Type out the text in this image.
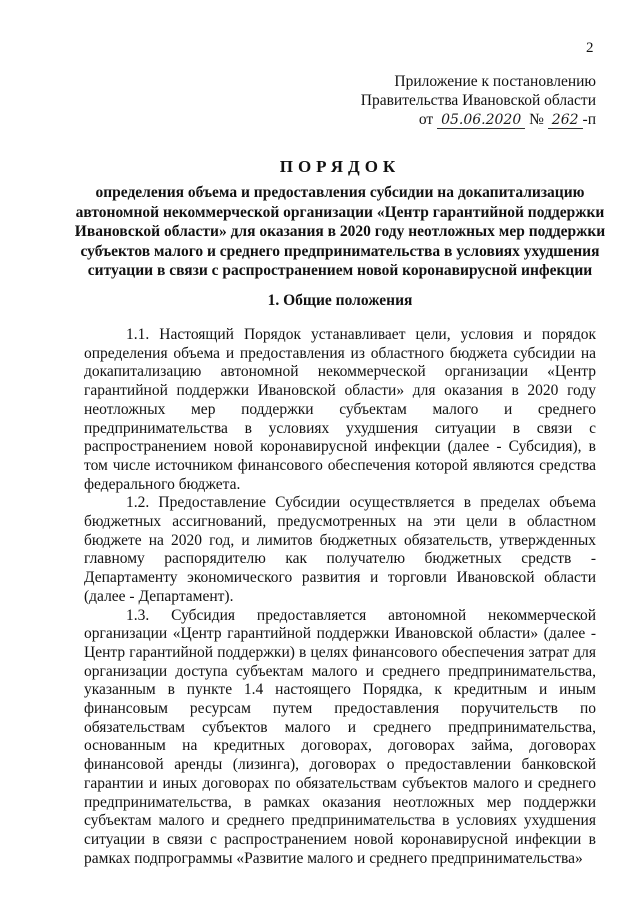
2
Приложение к постановлению
Правительства Ивановской области
от 05.06.2020 № 262 -п
ПОРЯДОК

определения объема и предоставления субсидии на докапитализацию автономной некоммерческой организации «Центр гарантийной поддержки Ивановской области» для оказания в 2020 году неотложных мер поддержки субъектов малого и среднего предпринимательства в условиях ухудшения ситуации в связи с распространением новой коронавирусной инфекции

1. Общие положения

1.1. Настоящий Порядок устанавливает цели, условия и порядок определения объема и предоставления из областного бюджета субсидии на докапитализацию автономной некоммерческой организации «Центр гарантийной поддержки Ивановской области» для оказания в 2020 году неотложных мер поддержки субъектам малого и среднего предпринимательства в условиях ухудшения ситуации в связи с распространением новой коронавирусной инфекции (далее - Субсидия), в том числе источником финансового обеспечения которой являются средства федерального бюджета.

1.2. Предоставление Субсидии осуществляется в пределах объема бюджетных ассигнований, предусмотренных на эти цели в областном бюджете на 2020 год, и лимитов бюджетных обязательств, утвержденных главному распорядителю как получателю бюджетных средств - Департаменту экономического развития и торговли Ивановской области (далее - Департамент).

1.3. Субсидия предоставляется автономной некоммерческой организации «Центр гарантийной поддержки Ивановской области» (далее - Центр гарантийной поддержки) в целях финансового обеспечения затрат для организации доступа субъектам малого и среднего предпринимательства, указанным в пункте 1.4 настоящего Порядка, к кредитным и иным финансовым ресурсам путем предоставления поручительств по обязательствам субъектов малого и среднего предпринимательства, основанным на кредитных договорах, договорах займа, договорах финансовой аренды (лизинга), договорах о предоставлении банковской гарантии и иных договорах по обязательствам субъектов малого и среднего предпринимательства, в рамках оказания неотложных мер поддержки субъектам малого и среднего предпринимательства в условиях ухудшения ситуации в связи с распространением новой коронавирусной инфекции в рамках подпрограммы «Развитие малого и среднего предпринимательства»
